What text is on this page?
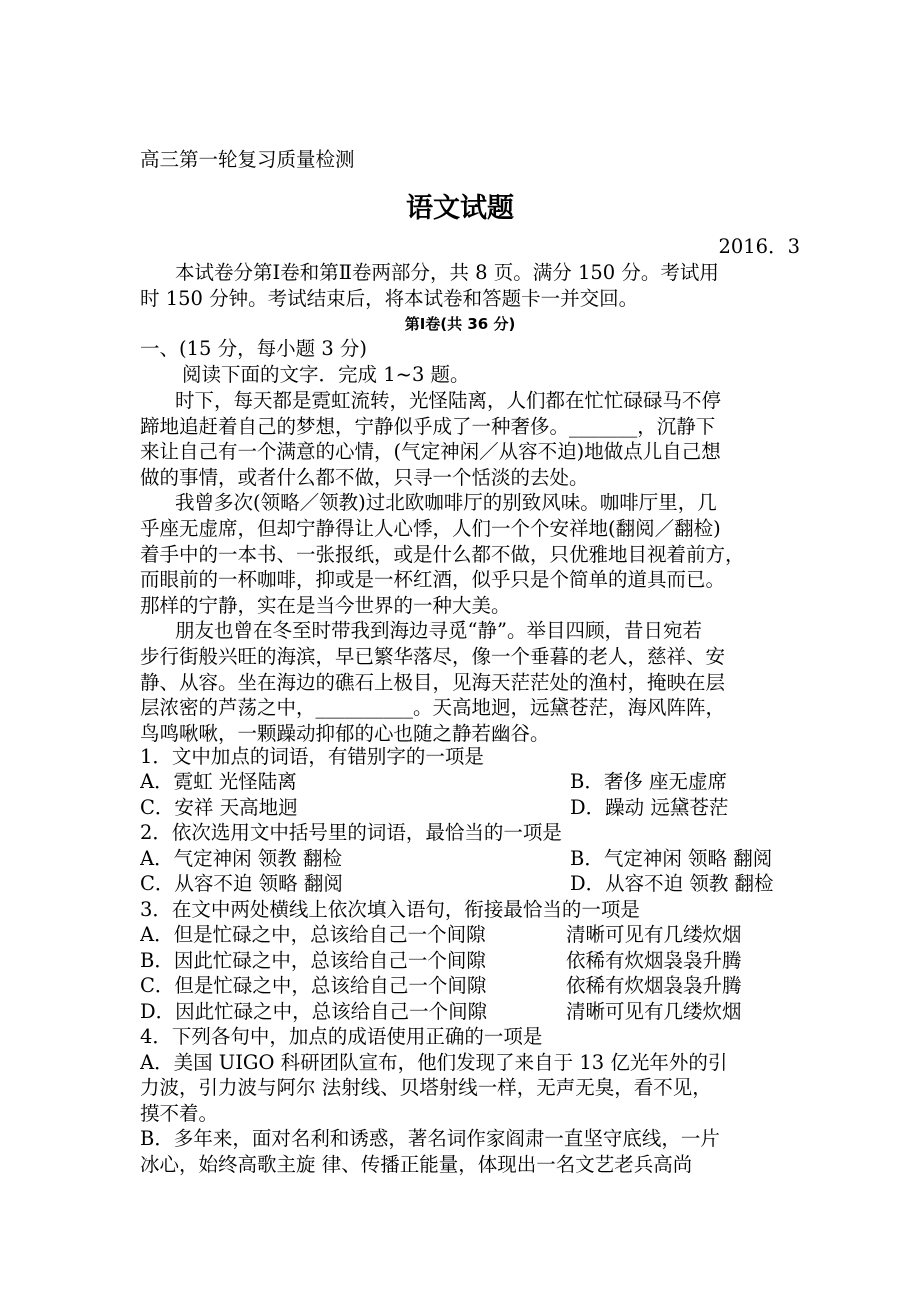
高三第一轮复习质量检测
语文试题
2016．3
本试卷分第Ⅰ卷和第Ⅱ卷两部分，共 8 页。满分 150 分。考试用
时 150 分钟。考试结束后，将本试卷和答题卡一并交回。
第Ⅰ卷(共 36 分)
一、(15 分，每小题 3 分)
阅读下面的文字．完成 1~3 题。
时下，每天都是霓虹流转，光怪陆离，人们都在忙忙碌碌马不停
蹄地追赶着自己的梦想，宁静似乎成了一种奢侈。_______，沉静下
来让自己有一个满意的心情，(气定神闲／从容不迫)地做点儿自己想
做的事情，或者什么都不做，只寻一个恬淡的去处。
我曾多次(领略／领教)过北欧咖啡厅的别致风味。咖啡厅里，几
乎座无虚席，但却宁静得让人心悸，人们一个个安祥地(翻阅／翻检)
着手中的一本书、一张报纸，或是什么都不做，只优雅地目视着前方，
而眼前的一杯咖啡，抑或是一杯红酒，似乎只是个简单的道具而已。
那样的宁静，实在是当今世界的一种大美。
朋友也曾在冬至时带我到海边寻觅“静”。举目四顾，昔日宛若
步行街般兴旺的海滨，早已繁华落尽，像一个垂暮的老人，慈祥、安
静、从容。坐在海边的礁石上极目，见海天茫茫处的渔村，掩映在层
层浓密的芦荡之中，__________。天高地迥，远黛苍茫，海风阵阵，
鸟鸣啾啾，一颗躁动抑郁的心也随之静若幽谷。
1．文中加点的词语，有错别字的一项是
A．霓虹 光怪陆离	B．奢侈 座无虚席
C．安祥 天高地迥	D．躁动 远黛苍茫
2．依次选用文中括号里的词语，最恰当的一项是
A．气定神闲 领教 翻检	B．气定神闲 领略 翻阅
C．从容不迫 领略 翻阅	D．从容不迫 领教 翻检
3．在文中两处横线上依次填入语句，衔接最恰当的一项是
A．但是忙碌之中，总该给自己一个间隙	清晰可见有几缕炊烟
B．因此忙碌之中，总该给自己一个间隙	依稀有炊烟袅袅升腾
C．但是忙碌之中，总该给自己一个间隙	依稀有炊烟袅袅升腾
D．因此忙碌之中，总该给自己一个间隙	清晰可见有几缕炊烟
4．下列各句中，加点的成语使用正确的一项是
A．美国 UIGO 科研团队宣布，他们发现了来自于 13 亿光年外的引
力波，引力波与阿尔 法射线、贝塔射线一样，无声无臭，看不见，
摸不着。
B．多年来，面对名利和诱惑，著名词作家阎肃一直坚守底线，一片
冰心，始终高歌主旋 律、传播正能量，体现出一名文艺老兵高尚
